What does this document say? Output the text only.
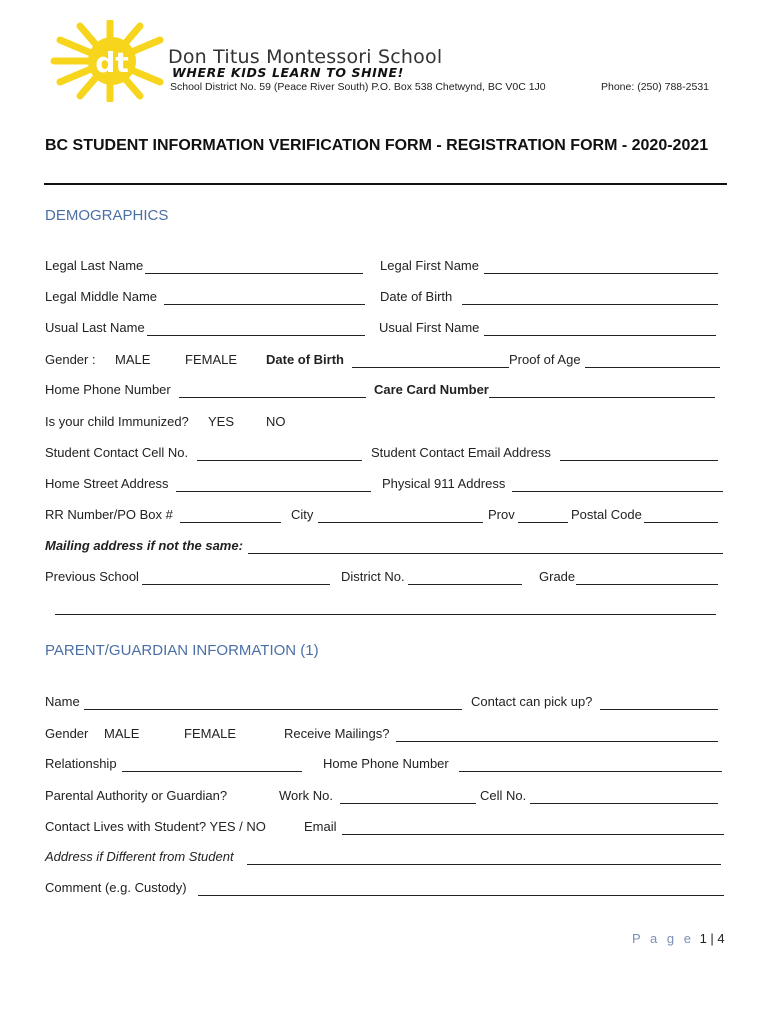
dt Don Titus Montessori School
WHERE KIDS LEARN TO SHINE!
School District No. 59 (Peace River South) P.O. Box 538 Chetwynd, BC V0C 1J0	Phone: (250) 788-2531
BC STUDENT INFORMATION VERIFICATION FORM - REGISTRATION FORM - 2020-2021
DEMOGRAPHICS
Legal Last Name	Legal First Name
Legal Middle Name	Date of Birth
Usual Last Name	Usual First Name
Gender : MALE	FEMALE Date of Birth	Proof of Age
Home Phone Number	Care Card Number
Is your child Immunized? YES NO
Student Contact Cell No.	Student Contact Email Address
Home Street Address	Physical 911 Address
RR Number/PO Box #	City	Prov	Postal Code
Mailing address if not the same:
Previous School	District No.	Grade
PARENT/GUARDIAN INFORMATION (1)
Name	Contact can pick up?
Gender MALE	FEMALE	Receive Mailings?
Relationship	Home Phone Number
Parental Authority or Guardian?	Work No.	Cell No.
Contact Lives with Student? YES / NO	Email
Address if Different from Student
Comment (e.g. Custody)
P a g e 1 | 4
